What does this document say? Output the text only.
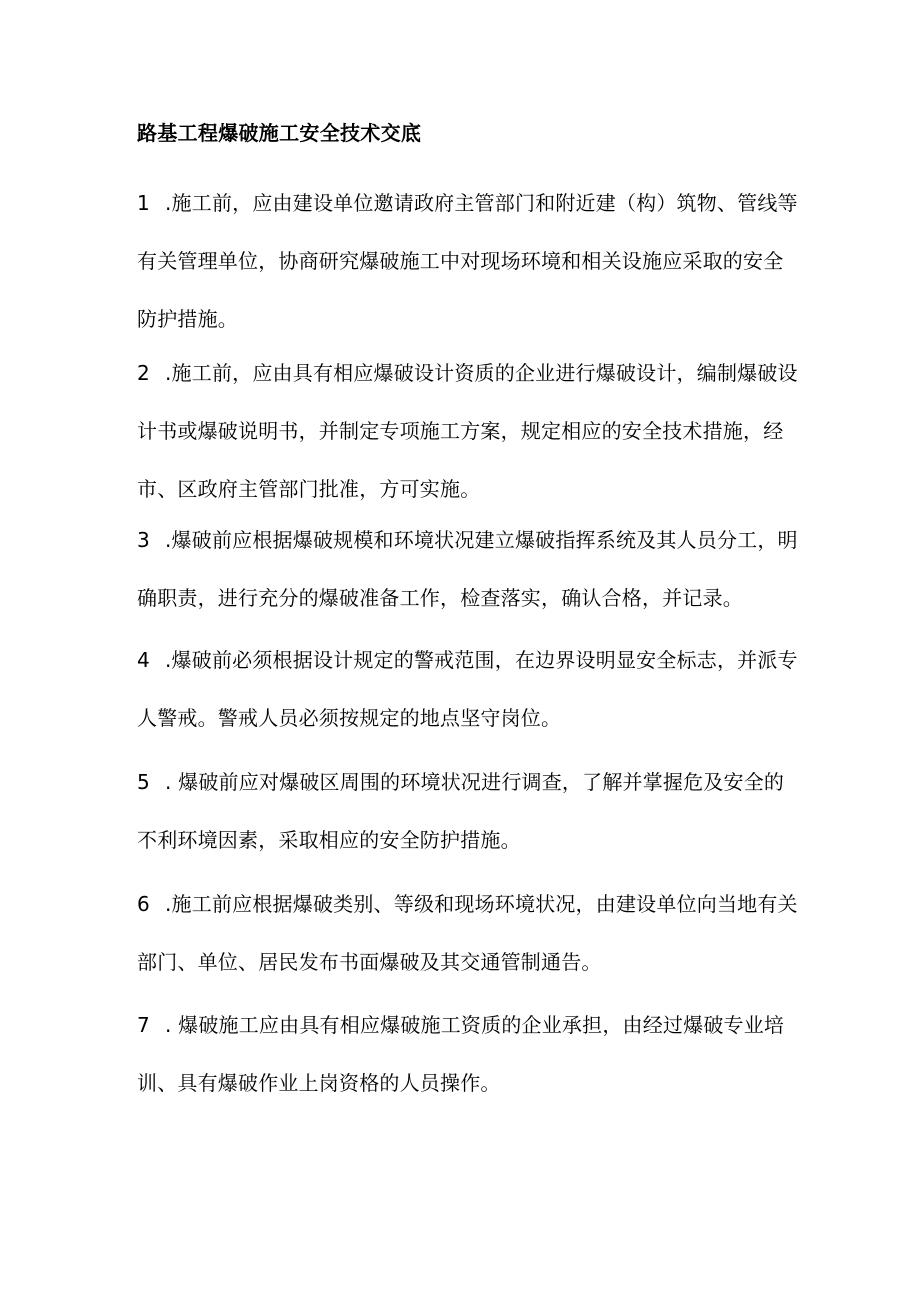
路基工程爆破施工安全技术交底
1 .施工前，应由建设单位邀请政府主管部门和附近建（构）筑物、管线等
有关管理单位，协商研究爆破施工中对现场环境和相关设施应采取的安全
防护措施。
2 .施工前，应由具有相应爆破设计资质的企业进行爆破设计，编制爆破设
计书或爆破说明书，并制定专项施工方案，规定相应的安全技术措施，经
市、区政府主管部门批准，方可实施。
3 .爆破前应根据爆破规模和环境状况建立爆破指挥系统及其人员分工，明
确职责，进行充分的爆破准备工作，检查落实，确认合格，并记录。
4 .爆破前必须根据设计规定的警戒范围，在边界设明显安全标志，并派专
人警戒。警戒人员必须按规定的地点坚守岗位。
5 . 爆破前应对爆破区周围的环境状况进行调查，了解并掌握危及安全的
不利环境因素，采取相应的安全防护措施。
6 .施工前应根据爆破类别、等级和现场环境状况，由建设单位向当地有关
部门、单位、居民发布书面爆破及其交通管制通告。
7 . 爆破施工应由具有相应爆破施工资质的企业承担，由经过爆破专业培
训、具有爆破作业上岗资格的人员操作。
